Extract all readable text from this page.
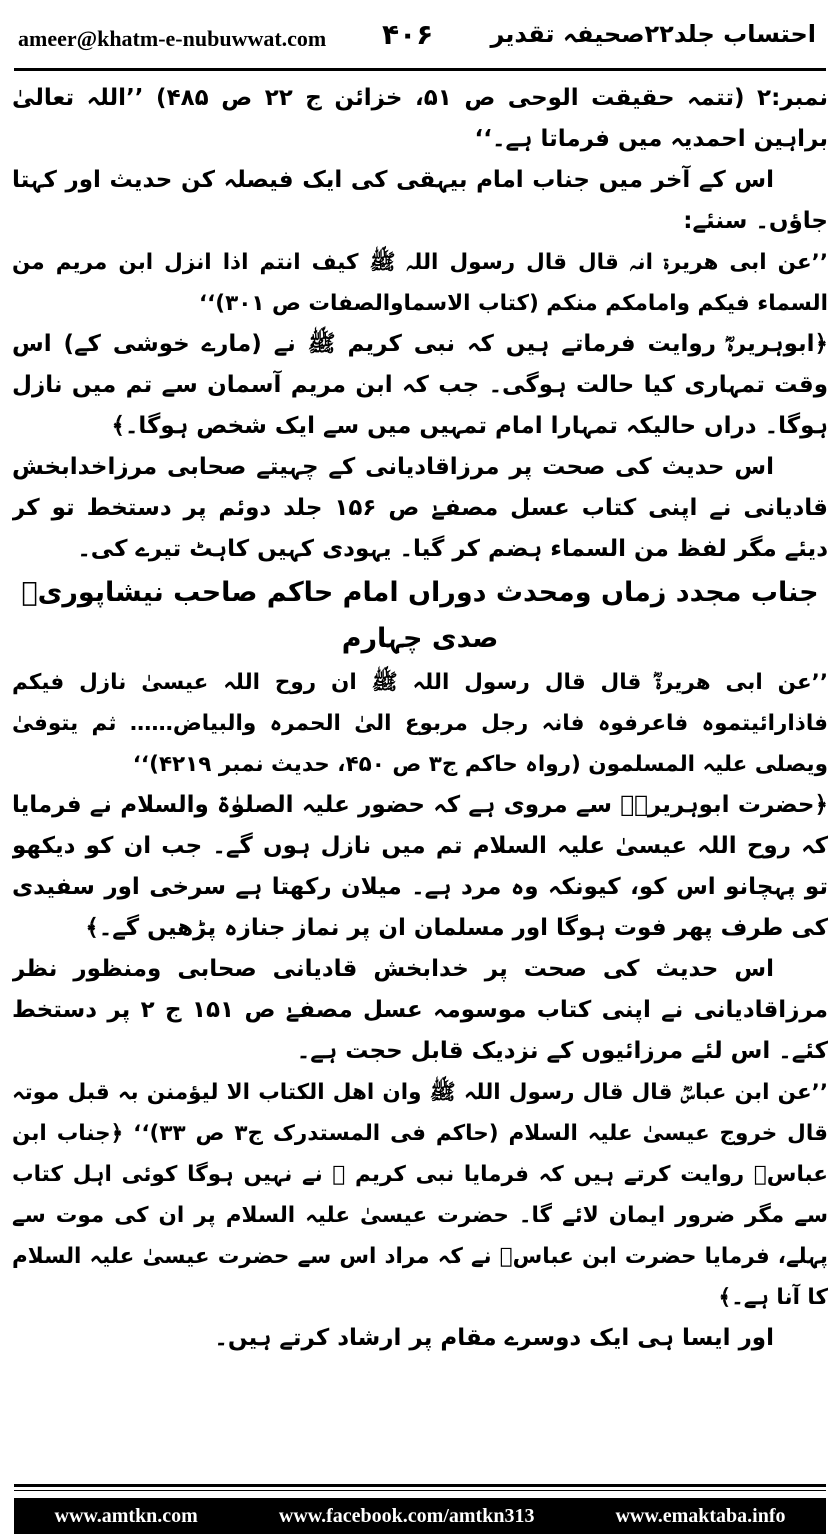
ameer@khatm-e-nubuwwat.com ۴۰۶ احتساب جلد۲۲صحیفہ تقدیر

نمبر:۲ (تتمہ حقیقت الوحی ص ۵۱، خزائن ج ۲۲ ص ۴۸۵) ’’اللہ تعالیٰ براہین احمدیہ میں فرماتا ہے۔‘‘

اس کے آخر میں جناب امام بیہقی کی ایک فیصلہ کن حدیث اور کہتا جاؤں۔ سنئے:

’’عن ابی ھریرۃ انہ قال قال رسول اللہ ﷺ کیف انتم اذا انزل ابن مریم من السماء فیکم وامامکم منکم (کتاب الاسماوالصفات ص ۳۰۱)‘‘

﴿ابوہریرہؓ روایت فرماتے ہیں کہ نبی کریم ﷺ نے (مارے خوشی کے) اس وقت تمہاری کیا حالت ہوگی۔ جب کہ ابن مریم آسمان سے تم میں نازل ہوگا۔ دراں حالیکہ تمہارا امام تمہیں میں سے ایک شخص ہوگا۔﴾

اس حدیث کی صحت پر مرزاقادیانی کے چہیتے صحابی مرزاخدابخش قادیانی نے اپنی کتاب عسل مصفےٰ ص ۱۵۶ جلد دوئم پر دستخط تو کر دیئے مگر لفظ من السماء ہضم کر گیا۔ یہودی کہیں کاہٹ تیرے کی۔

جناب مجدد زماں ومحدث دوراں امام حاکم صاحب نیشاپوریؒ صدی چہارم

’’عن ابی ھریرۃؓ قال قال رسول اللہ ﷺ ان روح اللہ عیسیٰ نازل فیکم فاذارائیتموہ فاعرفوہ فانہ رجل مربوع الیٰ الحمرہ والبیاض…… ثم یتوفیٰ ویصلی علیہ المسلمون (رواہ حاکم ج۳ ص ۴۵۰، حدیث نمبر ۴۲۱۹)‘‘

﴿حضرت ابوہریرہؓ سے مروی ہے کہ حضور علیہ الصلوٰۃ والسلام نے فرمایا کہ روح اللہ عیسیٰ علیہ السلام تم میں نازل ہوں گے۔ جب ان کو دیکھو تو پہچانو اس کو، کیونکہ وہ مرد ہے۔ میلان رکھتا ہے سرخی اور سفیدی کی طرف پھر فوت ہوگا اور مسلمان ان پر نماز جنازہ پڑھیں گے۔﴾

اس حدیث کی صحت پر خدابخش قادیانی صحابی ومنظور نظر مرزاقادیانی نے اپنی کتاب موسومہ عسل مصفےٰ ص ۱۵۱ ج ۲ پر دستخط کئے۔ اس لئے مرزائیوں کے نزدیک قابل حجت ہے۔

’’عن ابن عباسؓ قال قال رسول اللہ ﷺ وان اھل الکتاب الا لیؤمنن بہ قبل موتہ قال خروج عیسیٰ علیہ السلام (حاکم فی المستدرک ج۳ ص ۳۳)‘‘ ﴿جناب ابن عباسؓ روایت کرتے ہیں کہ فرمایا نبی کریم ﷺ نے نہیں ہوگا کوئی اہل کتاب سے مگر ضرور ایمان لائے گا۔ حضرت عیسیٰ علیہ السلام پر ان کی موت سے پہلے، فرمایا حضرت ابن عباسؓ نے کہ مراد اس سے حضرت عیسیٰ علیہ السلام کا آنا ہے۔﴾

اور ایسا ہی ایک دوسرے مقام پر ارشاد کرتے ہیں۔

www.amtkn.com	www.facebook.com/amtkn313	www.emaktaba.info
